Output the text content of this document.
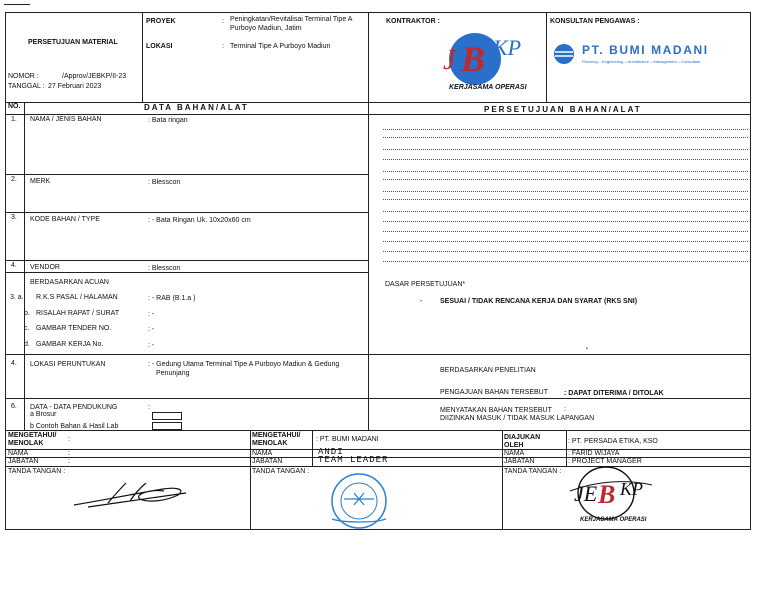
PERSETUJUAN MATERIAL
NOMOR :	/Approv/JEBKP/II-23
TANGGAL : 27 Februari 2023
PROYEK	: Peningkatan/Revitalisai Terminal Tipe A
Purboyo Madiun, Jatim
LOKASI	: Terminal Tipe A Purboyo Madiun
KONTRAKTOR :
J B KP
KERJASAMA OPERASI
KONSULTAN PENGAWAS :
PT. BUMI MADANI
Planning – Engineering – Architecture – Management – Consultant
NO.	DATA BAHAN/ALAT	PERSETUJUAN BAHAN/ALAT
1. NAMA / JENIS BAHAN	: Bata ringan
2. MERK	: Blesscon
3. KODE BAHAN / TYPE	: - Bata Ringan Uk. 10x20x60 cm
4. VENDOR	: Blesscon
BERDASARKAN ACUAN
3. a. R.K.S PASAL / HALAMAN	: - RAB (B.1.a )
b. RISALAH RAPAT / SURAT	: -
c. GAMBAR TENDER NO.	: -
d. GAMBAR KERJA No.	: -
4. LOKASI PERUNTUKAN	: - Gedung Utama Terminal Tipe A Purboyo Madiun & Gedung
Penunjang
6. DATA - DATA PENDUKUNG	:
a Brosur
b Contoh Bahan & Hasil Lab
DASAR PERSETUJUAN*
-	SESUAI / TIDAK RENCANA KERJA DAN SYARAT (RKS SNI)
•
BERDASARKAN PENELITIAN
PENGAJUAN BAHAN TERSEBUT : DAPAT DITERIMA / DITOLAK
MENYATAKAN BAHAN TERSEBUT :
DIIZINKAN MASUK / TIDAK MASUK LAPANGAN
MENGETAHUI/
MENOLAK
:
NAMA	:
JABATAN	:
TANDA TANGAN :
MENGETAHUI/
MENOLAK
: PT. BUMI MADANI
NAMA	ANDI
JABATAN	TEAM LEADER
TANDA TANGAN :
DIAJUKAN
OLEH
: PT. PERSADA ETIKA, KSO
NAMA	: FARID WIJAYA
JABATAN	: PROJECT MANAGER
TANDA TANGAN :
JE B KP
KERJASAMA OPERASI
